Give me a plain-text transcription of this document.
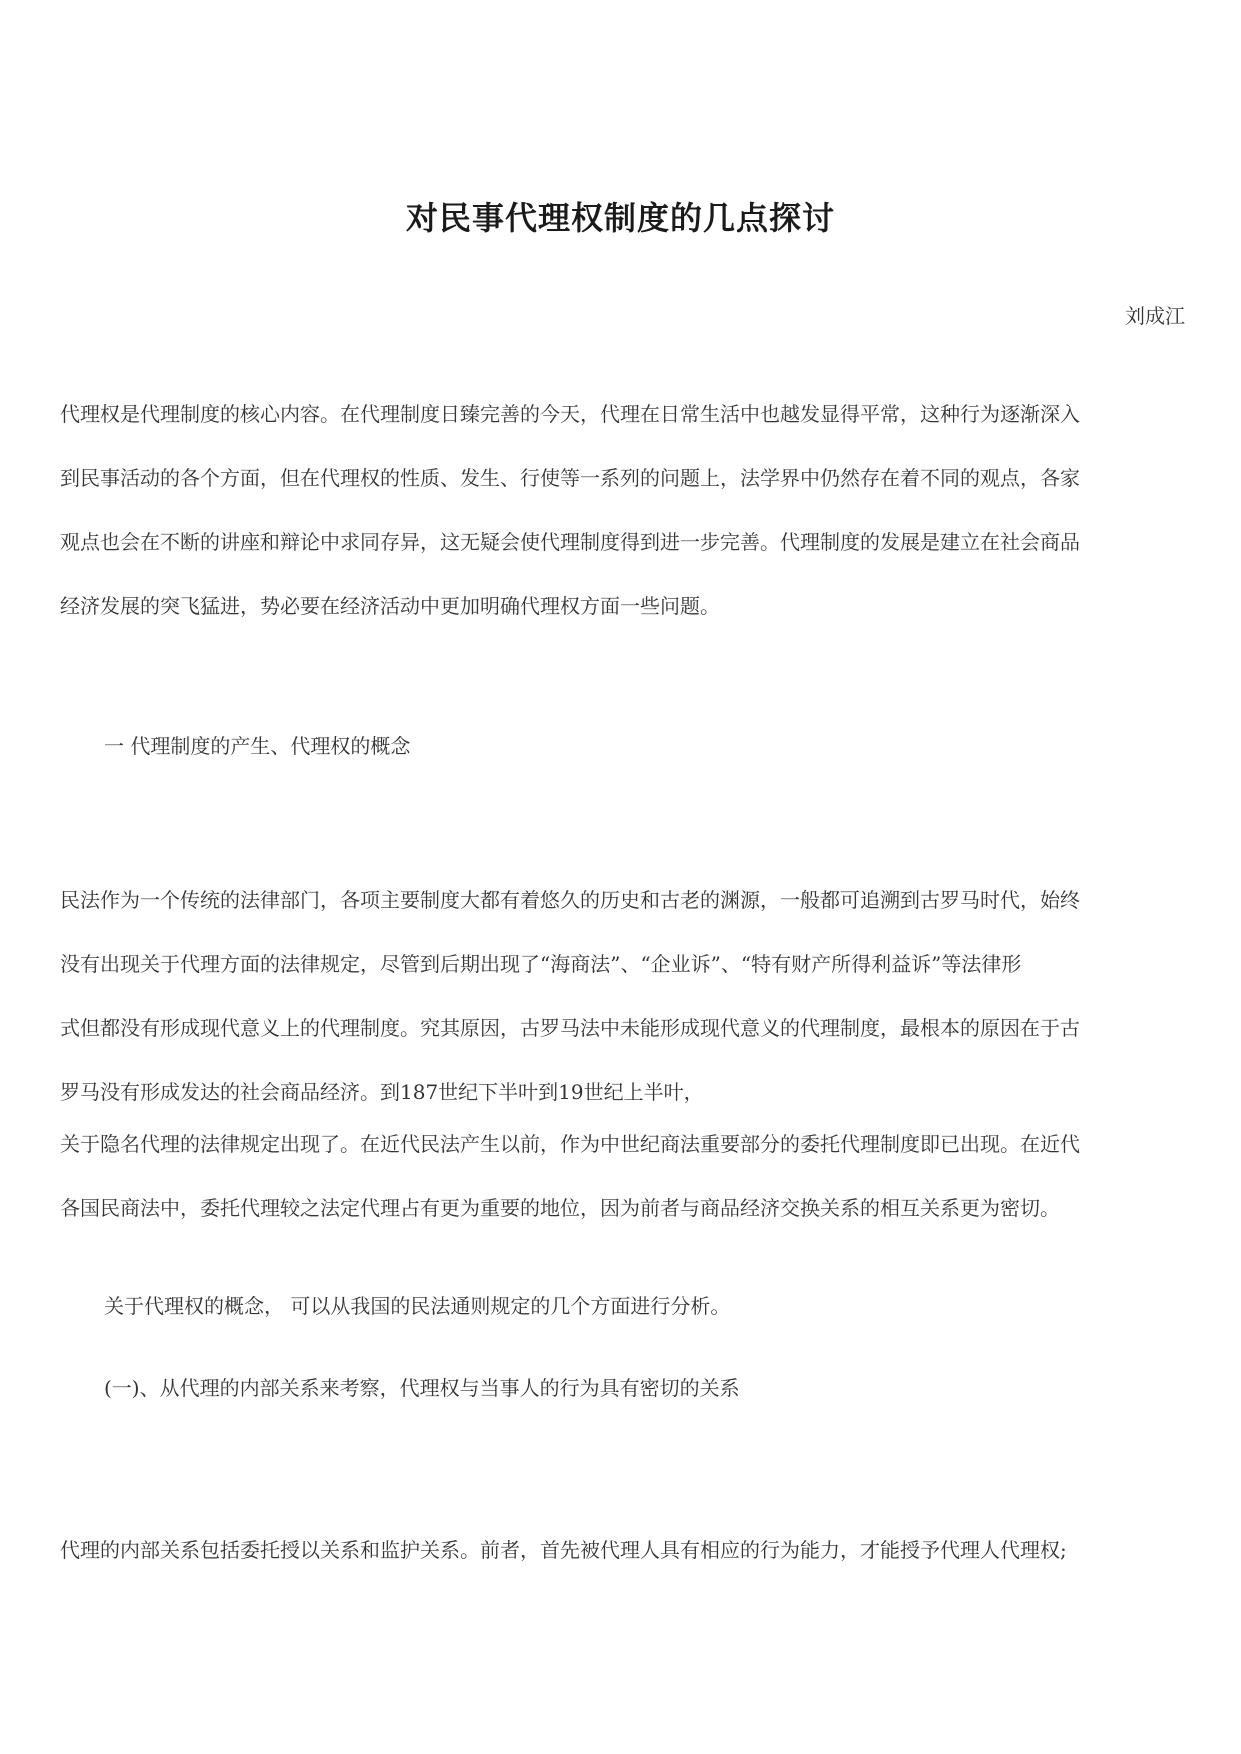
对民事代理权制度的几点探讨
刘成江
代理权是代理制度的核心内容。在代理制度日臻完善的今天，代理在日常生活中也越发显得平常，这种行为逐渐深入
到民事活动的各个方面，但在代理权的性质、发生、行使等一系列的问题上，法学界中仍然存在着不同的观点，各家
观点也会在不断的讲座和辩论中求同存异，这无疑会使代理制度得到进一步完善。代理制度的发展是建立在社会商品
经济发展的突飞猛进，势必要在经济活动中更加明确代理权方面一些问题。
一 代理制度的产生、代理权的概念
民法作为一个传统的法律部门，各项主要制度大都有着悠久的历史和古老的渊源，一般都可追溯到古罗马时代，始终
没有出现关于代理方面的法律规定，尽管到后期出现了“海商法”、“企业诉”、“特有财产所得利益诉”等法律形
式但都没有形成现代意义上的代理制度。究其原因，古罗马法中未能形成现代意义的代理制度，最根本的原因在于古
罗马没有形成发达的社会商品经济。到187世纪下半叶到19世纪上半叶，
关于隐名代理的法律规定出现了。在近代民法产生以前，作为中世纪商法重要部分的委托代理制度即已出现。在近代
各国民商法中，委托代理较之法定代理占有更为重要的地位，因为前者与商品经济交换关系的相互关系更为密切。
关于代理权的概念， 可以从我国的民法通则规定的几个方面进行分析。
(一)、从代理的内部关系来考察，代理权与当事人的行为具有密切的关系
代理的内部关系包括委托授以关系和监护关系。前者，首先被代理人具有相应的行为能力，才能授予代理人代理权;
